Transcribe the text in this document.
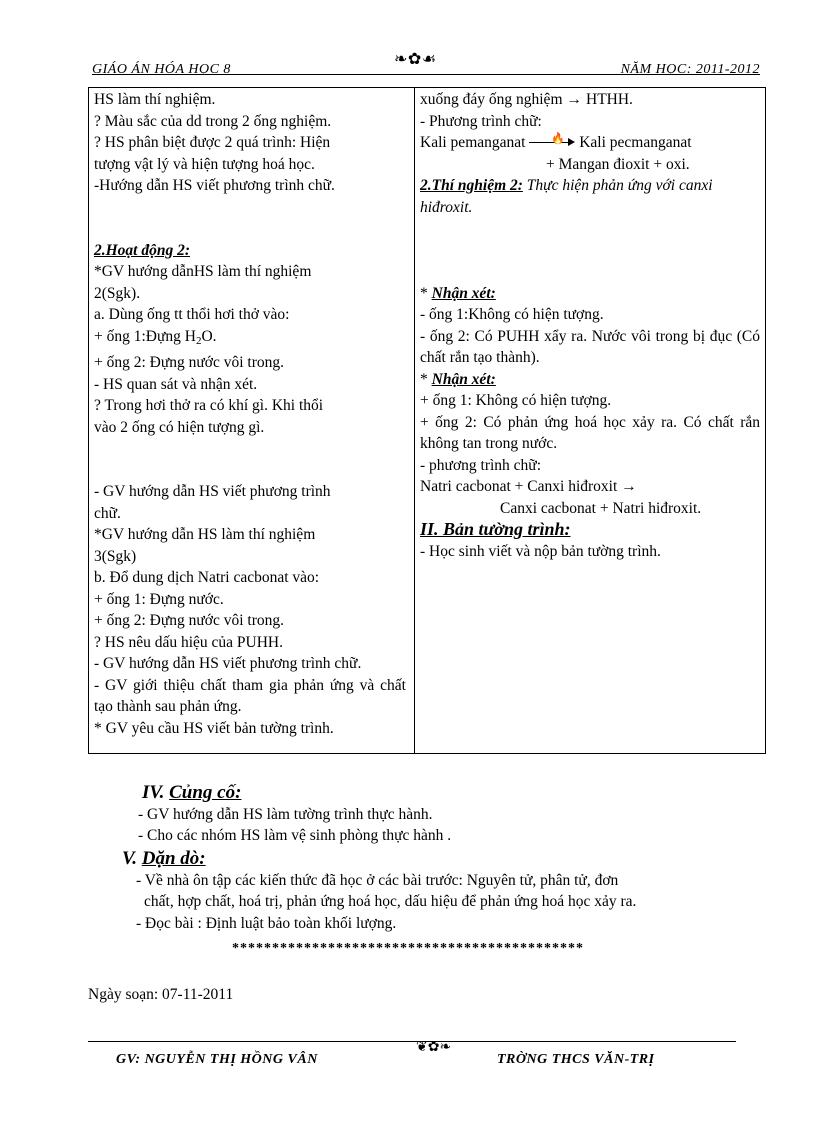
GIÁO ÁN HÓA HỌC 8
❧✿☙
NĂM HỌC: 2011-2012
HS làm thí nghiệm.
? Màu sắc của dd trong 2 ống nghiệm.
? HS phân biệt được 2 quá trình: Hiện
tượng vật lý và hiện tượng hoá học.
-Hướng dẫn HS viết phương trình chữ.
2.Hoạt động 2:
*GV hướng dẫnHS làm thí nghiệm
2(Sgk).
a. Dùng ống tt thổi hơi thở vào:
+ ống 1:Đựng $H_2O$.
+ ống 2: Đựng nước vôi trong.
- HS quan sát và nhận xét.
? Trong hơi thở ra có khí gì. Khi thổi
vào 2 ống có hiện tượng gì.
- GV hướng dẫn HS viết phương trình
chữ.
*GV hướng dẫn HS làm thí nghiệm
3(Sgk)
b. Đổ dung dịch Natri cacbonat vào:
+ ống 1: Đựng nước.
+ ống 2: Đựng nước vôi trong.
? HS nêu dấu hiệu của PUHH.
- GV hướng dẫn HS viết phương trình chữ.
- GV giới thiệu chất tham gia phản ứng và chất tạo thành sau phản ứng.
* GV yêu cầu HS viết bản tường trình.
xuống đáy ống nghiệm → HTHH.
- Phương trình chữ:
Kali pemanganat 🔥 Kali pecmanganat
+ Mangan đioxit + oxi.
2.Thí nghiệm 2: Thực hiện phản ứng với canxi hiđroxit.
* Nhận xét:
- ống 1:Không có hiện tượng.
- ống 2: Có PUHH xẩy ra. Nước vôi trong bị đục (Có chất rắn tạo thành).
* Nhận xét:
+ ống 1: Không có hiện tượng.
+ ống 2: Có phản ứng hoá học xảy ra. Có chất rắn không tan trong nước.
- phương trình chữ:
Natri cacbonat + Canxi hiđroxit →
Canxi cacbonat + Natri hiđroxit.
II. Bản tường trình:
- Học sinh viết và nộp bản tường trình.
IV. Củng cố:
- GV hướng dẫn HS làm tường trình thực hành.
- Cho các nhóm HS làm vệ sinh phòng thực hành .
V. Dặn dò:
- Về nhà ôn tập các kiến thức đã học ở các bài trước: Nguyên tử, phân tử, đơn
chất, hợp chất, hoá trị, phản ứng hoá học, dấu hiệu để phản ứng hoá học xảy ra.
- Đọc bài : Định luật bảo toàn khối lượng.
********************************************
Ngày soạn: 07-11-2011
GV: NGUYỄN THỊ HỒNG VÂN
❦✿❧
TRỜNG THCS VĂN-TRỊ
